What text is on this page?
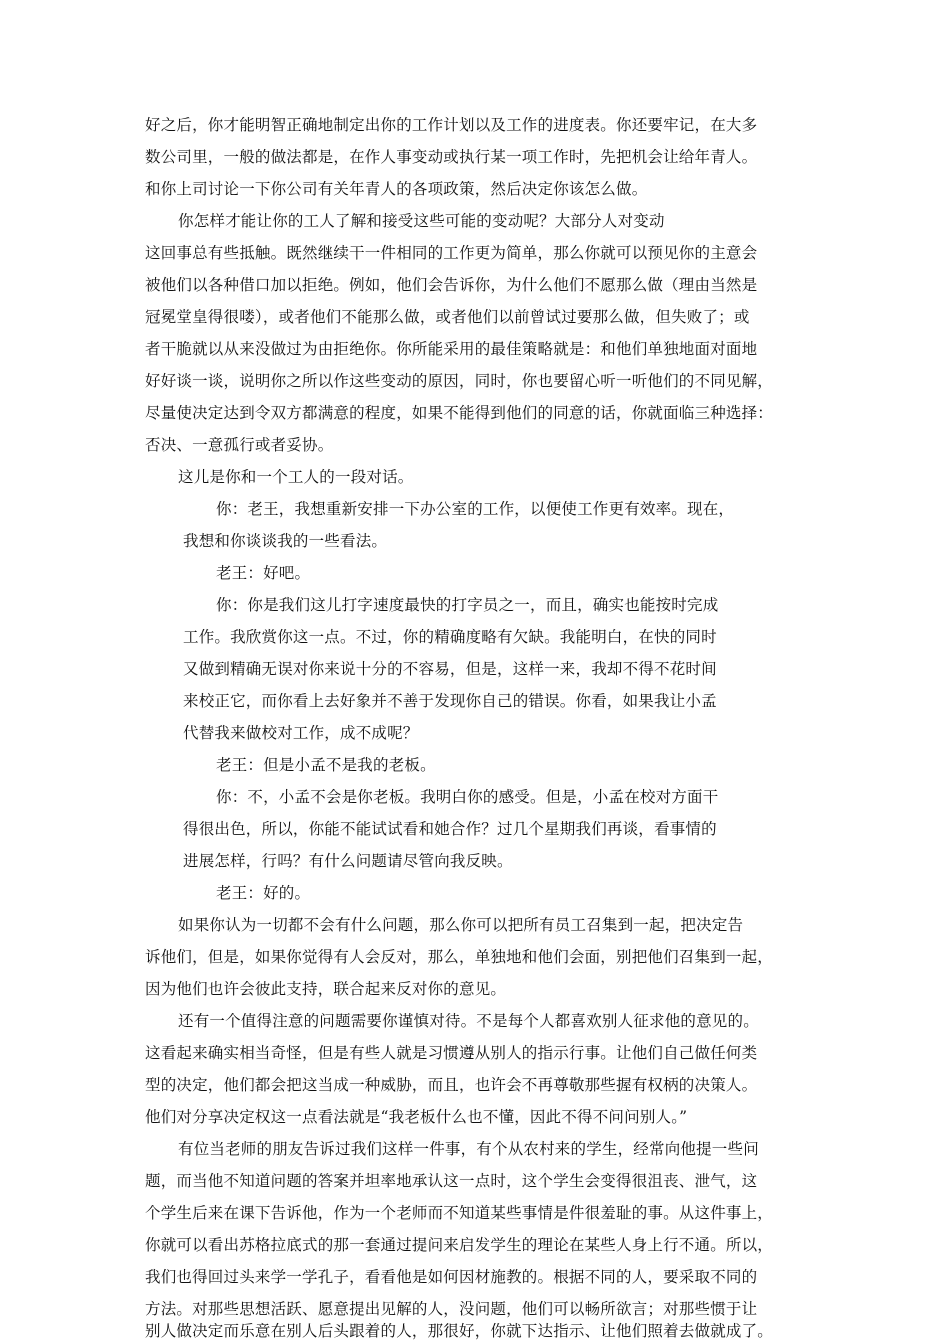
好之后，你才能明智正确地制定出你的工作计划以及工作的进度表。你还要牢记，在大多
数公司里，一般的做法都是，在作人事变动或执行某一项工作时，先把机会让给年青人。
和你上司讨论一下你公司有关年青人的各项政策，然后决定你该怎么做。
你怎样才能让你的工人了解和接受这些可能的变动呢？大部分人对变动
这回事总有些抵触。既然继续干一件相同的工作更为简单，那么你就可以预见你的主意会
被他们以各种借口加以拒绝。例如，他们会告诉你，为什么他们不愿那么做（理由当然是
冠冕堂皇得很喽），或者他们不能那么做，或者他们以前曾试过要那么做，但失败了；或
者干脆就以从来没做过为由拒绝你。你所能采用的最佳策略就是：和他们单独地面对面地
好好谈一谈，说明你之所以作这些变动的原因，同时，你也要留心听一听他们的不同见解，
尽量使决定达到令双方都满意的程度，如果不能得到他们的同意的话，你就面临三种选择：
否决、一意孤行或者妥协。
这儿是你和一个工人的一段对话。
你：老王，我想重新安排一下办公室的工作，以便使工作更有效率。现在，
我想和你谈谈我的一些看法。
老王：好吧。
你：你是我们这儿打字速度最快的打字员之一，而且，确实也能按时完成
工作。我欣赏你这一点。不过，你的精确度略有欠缺。我能明白，在快的同时
又做到精确无误对你来说十分的不容易，但是，这样一来，我却不得不花时间
来校正它，而你看上去好象并不善于发现你自己的错误。你看，如果我让小孟
代替我来做校对工作，成不成呢？
老王：但是小孟不是我的老板。
你：不，小孟不会是你老板。我明白你的感受。但是，小孟在校对方面干
得很出色，所以，你能不能试试看和她合作？过几个星期我们再谈，看事情的
进展怎样，行吗？有什么问题请尽管向我反映。
老王：好的。
如果你认为一切都不会有什么问题，那么你可以把所有员工召集到一起，把决定告
诉他们，但是，如果你觉得有人会反对，那么，单独地和他们会面，别把他们召集到一起，
因为他们也许会彼此支持，联合起来反对你的意见。
还有一个值得注意的问题需要你谨慎对待。不是每个人都喜欢别人征求他的意见的。
这看起来确实相当奇怪，但是有些人就是习惯遵从别人的指示行事。让他们自己做任何类
型的决定，他们都会把这当成一种威胁，而且，也许会不再尊敬那些握有权柄的决策人。
他们对分享决定权这一点看法就是“我老板什么也不懂，因此不得不问问别人。”
有位当老师的朋友告诉过我们这样一件事，有个从农村来的学生，经常向他提一些问
题，而当他不知道问题的答案并坦率地承认这一点时，这个学生会变得很沮丧、泄气，这
个学生后来在课下告诉他，作为一个老师而不知道某些事情是件很羞耻的事。从这件事上，
你就可以看出苏格拉底式的那一套通过提问来启发学生的理论在某些人身上行不通。所以，
我们也得回过头来学一学孔子，看看他是如何因材施教的。根据不同的人，要采取不同的
方法。对那些思想活跃、愿意提出见解的人，没问题，他们可以畅所欲言；对那些惯于让
别人做决定而乐意在别人后头跟着的人，那很好，你就下达指示、让他们照着去做就成了。
